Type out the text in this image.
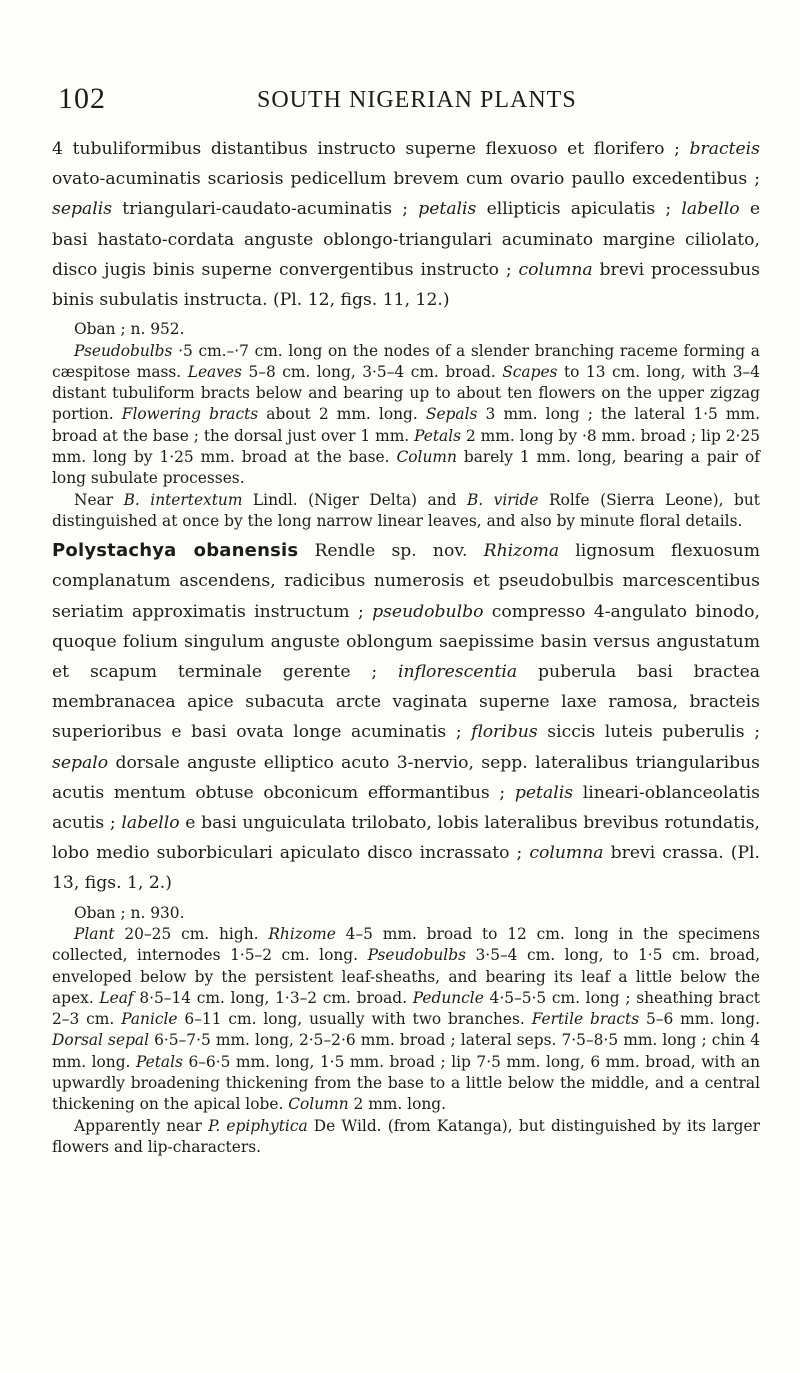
102	SOUTH NIGERIAN PLANTS

4 tubuliformibus distantibus instructo superne flexuoso et florifero ; bracteis ovato-acuminatis scariosis pedicellum brevem cum ovario paullo excedentibus ; sepalis triangulari-caudato-acuminatis ; petalis ellipticis apiculatis ; labello e basi hastato-cordata anguste oblongo-triangulari acuminato margine ciliolato, disco jugis binis superne convergentibus instructo ; columna brevi processubus binis subulatis instructa. (Pl. 12, figs. 11, 12.)

Oban ; n. 952.

Pseudobulbs ·5 cm.–·7 cm. long on the nodes of a slender branching raceme forming a cæspitose mass. Leaves 5–8 cm. long, 3·5–4 cm. broad. Scapes to 13 cm. long, with 3–4 distant tubuliform bracts below and bearing up to about ten flowers on the upper zigzag portion. Flowering bracts about 2 mm. long. Sepals 3 mm. long ; the lateral 1·5 mm. broad at the base ; the dorsal just over 1 mm. Petals 2 mm. long by ·8 mm. broad ; lip 2·25 mm. long by 1·25 mm. broad at the base. Column barely 1 mm. long, bearing a pair of long subulate processes.

Near B. intertextum Lindl. (Niger Delta) and B. viride Rolfe (Sierra Leone), but distinguished at once by the long narrow linear leaves, and also by minute floral details.

Polystachya obanensis Rendle sp. nov. Rhizoma lignosum flexuosum complanatum ascendens, radicibus numerosis et pseudobulbis marcescentibus seriatim approximatis instructum ; pseudobulbo compresso 4-angulato binodo, quoque folium singulum anguste oblongum saepissime basin versus angustatum et scapum terminale gerente ; inflorescentia puberula basi bractea membranacea apice subacuta arcte vaginata superne laxe ramosa, bracteis superioribus e basi ovata longe acuminatis ; floribus siccis luteis puberulis ; sepalo dorsale anguste elliptico acuto 3-nervio, sepp. lateralibus triangularibus acutis mentum obtuse obconicum efformantibus ; petalis lineari-oblanceolatis acutis ; labello e basi unguiculata trilobato, lobis lateralibus brevibus rotundatis, lobo medio suborbiculari apiculato disco incrassato ; columna brevi crassa. (Pl. 13, figs. 1, 2.)

Oban ; n. 930.

Plant 20–25 cm. high. Rhizome 4–5 mm. broad to 12 cm. long in the specimens collected, internodes 1·5–2 cm. long. Pseudobulbs 3·5–4 cm. long, to 1·5 cm. broad, enveloped below by the persistent leaf-sheaths, and bearing its leaf a little below the apex. Leaf 8·5–14 cm. long, 1·3–2 cm. broad. Peduncle 4·5–5·5 cm. long ; sheathing bract 2–3 cm. Panicle 6–11 cm. long, usually with two branches. Fertile bracts 5–6 mm. long. Dorsal sepal 6·5–7·5 mm. long, 2·5–2·6 mm. broad ; lateral seps. 7·5–8·5 mm. long ; chin 4 mm. long. Petals 6–6·5 mm. long, 1·5 mm. broad ; lip 7·5 mm. long, 6 mm. broad, with an upwardly broadening thickening from the base to a little below the middle, and a central thickening on the apical lobe. Column 2 mm. long.

Apparently near P. epiphytica De Wild. (from Katanga), but distinguished by its larger flowers and lip-characters.
